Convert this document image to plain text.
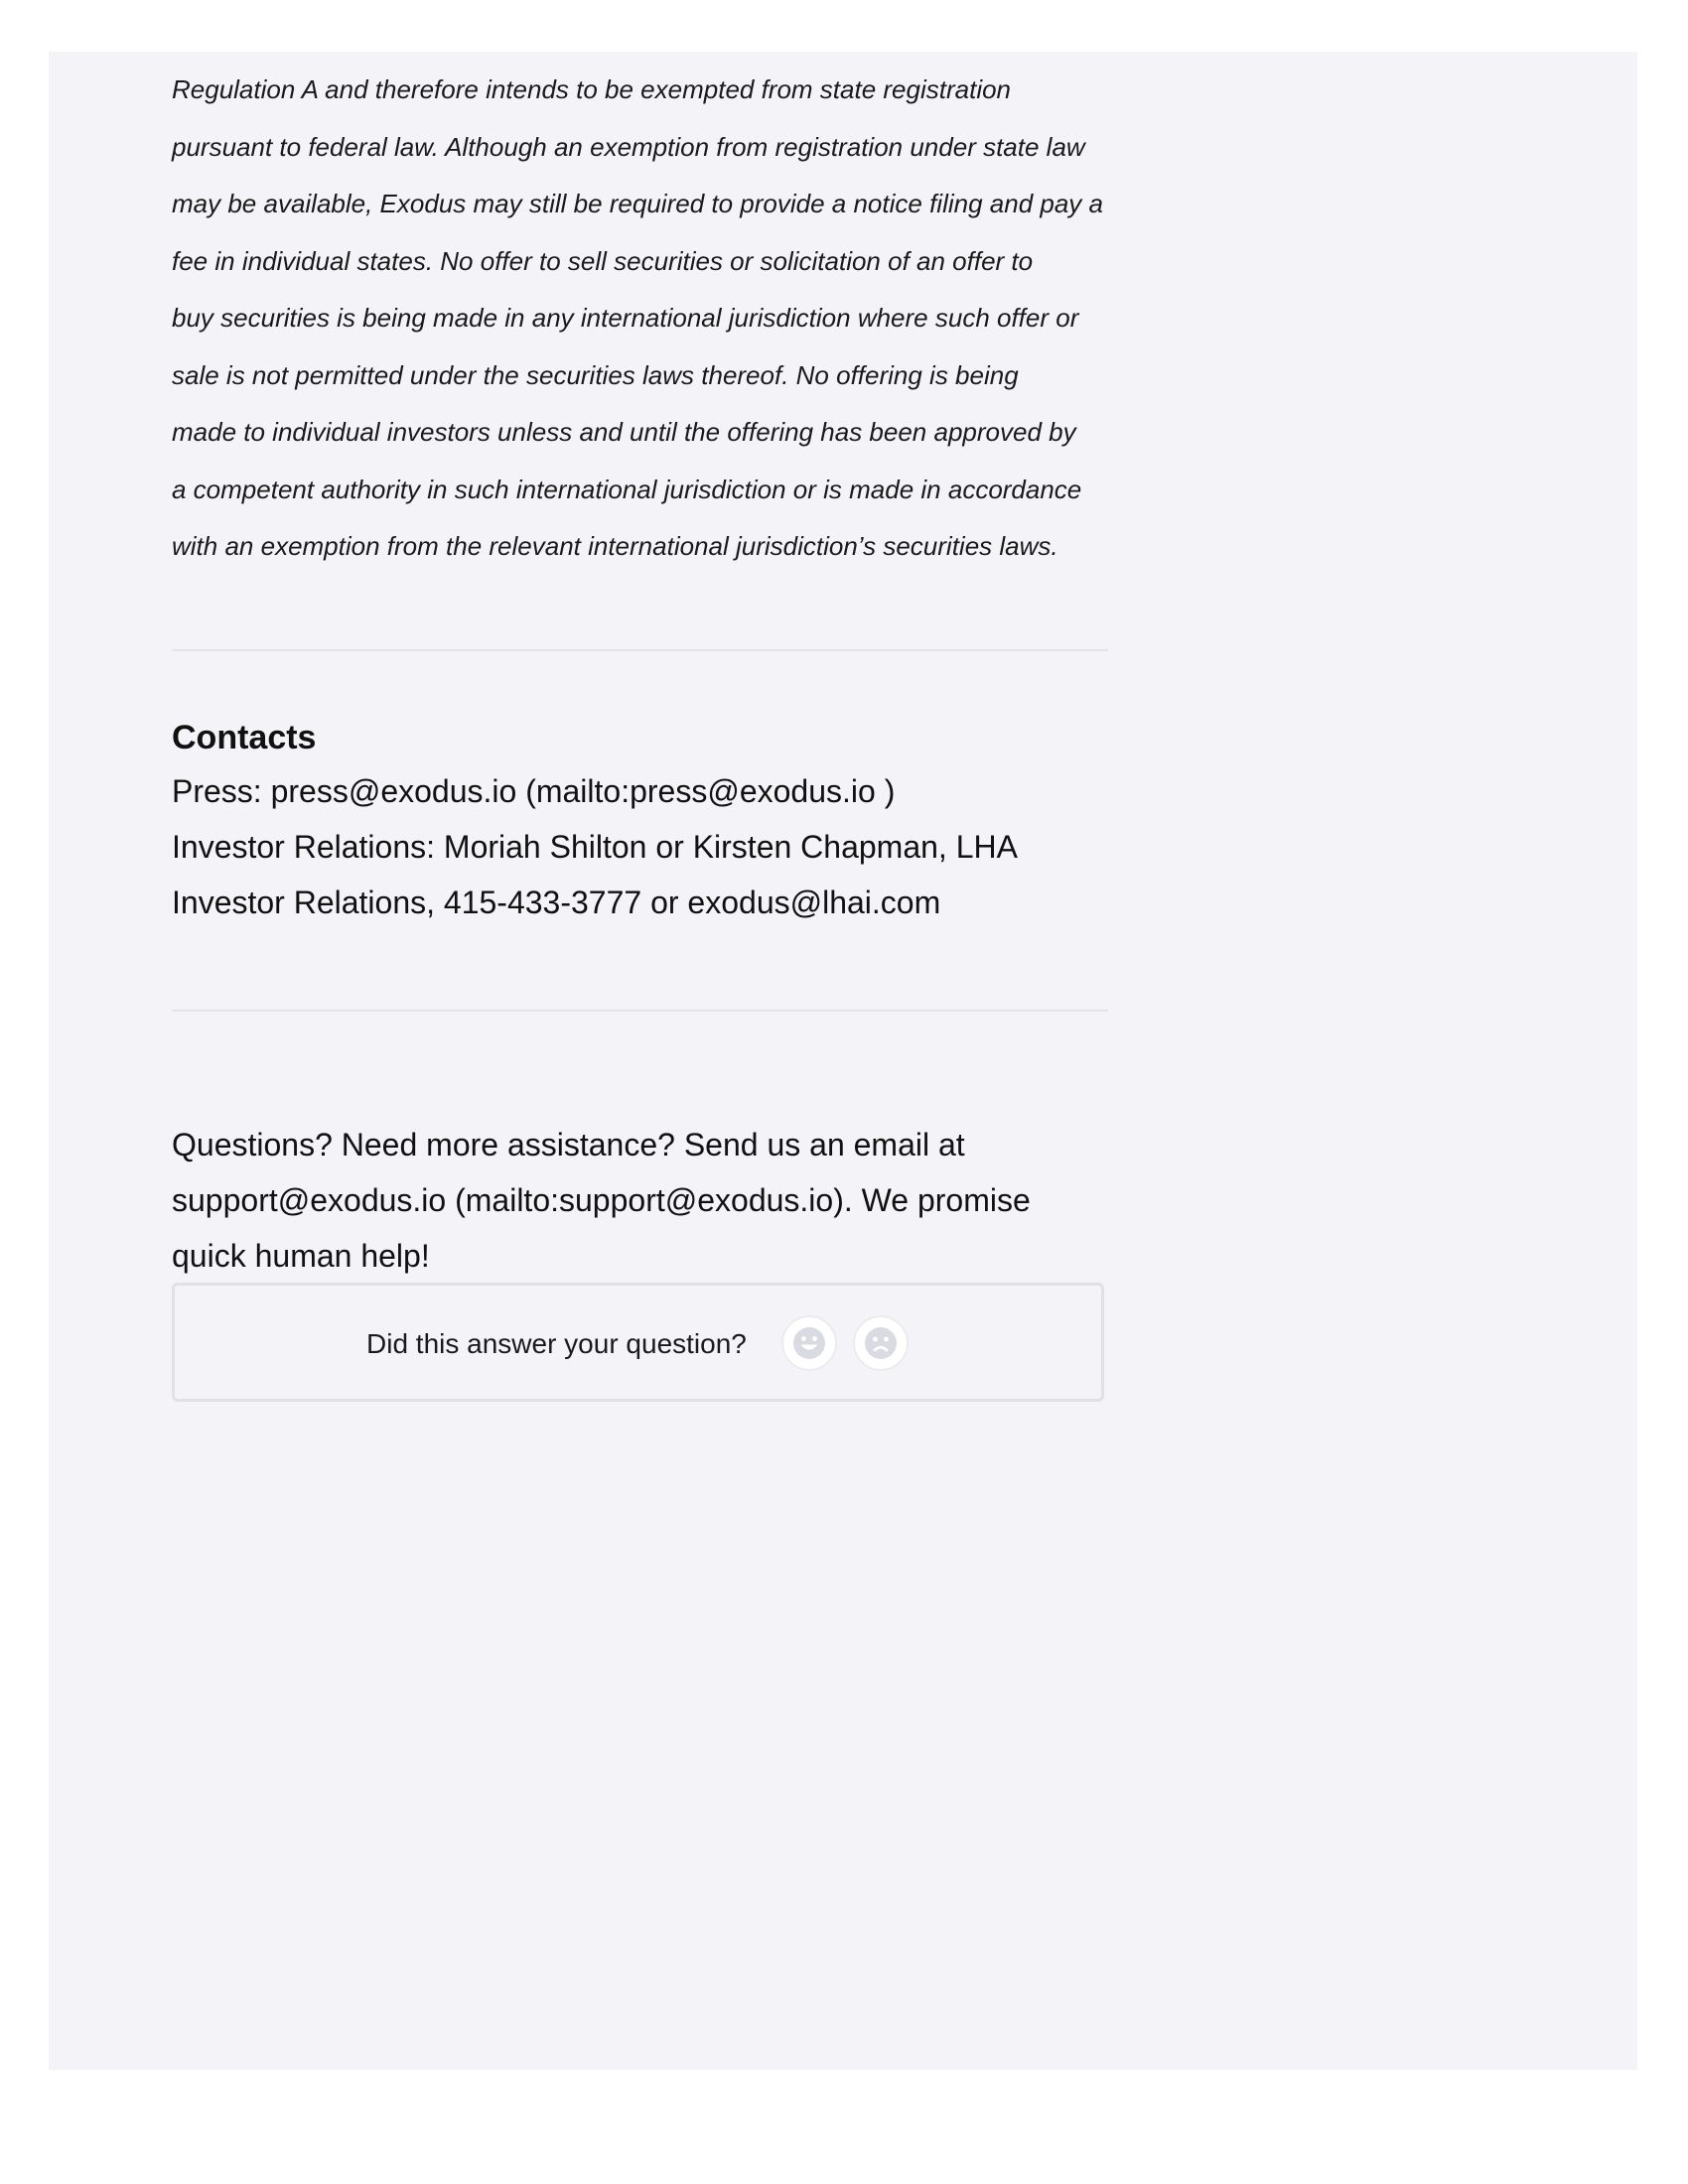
Regulation A and therefore intends to be exempted from state registration
pursuant to federal law. Although an exemption from registration under state law
may be available, Exodus may still be required to provide a notice filing and pay a
fee in individual states. No offer to sell securities or solicitation of an offer to
buy securities is being made in any international jurisdiction where such offer or
sale is not permitted under the securities laws thereof. No offering is being
made to individual investors unless and until the offering has been approved by
a competent authority in such international jurisdiction or is made in accordance
with an exemption from the relevant international jurisdiction’s securities laws.

Contacts
Press: press@exodus.io (mailto:press@exodus.io )
Investor Relations: Moriah Shilton or Kirsten Chapman, LHA
Investor Relations, 415-433-3777 or exodus@lhai.com

Questions? Need more assistance? Send us an email at
support@exodus.io (mailto:support@exodus.io). We promise
quick human help!

Did this answer your question?
